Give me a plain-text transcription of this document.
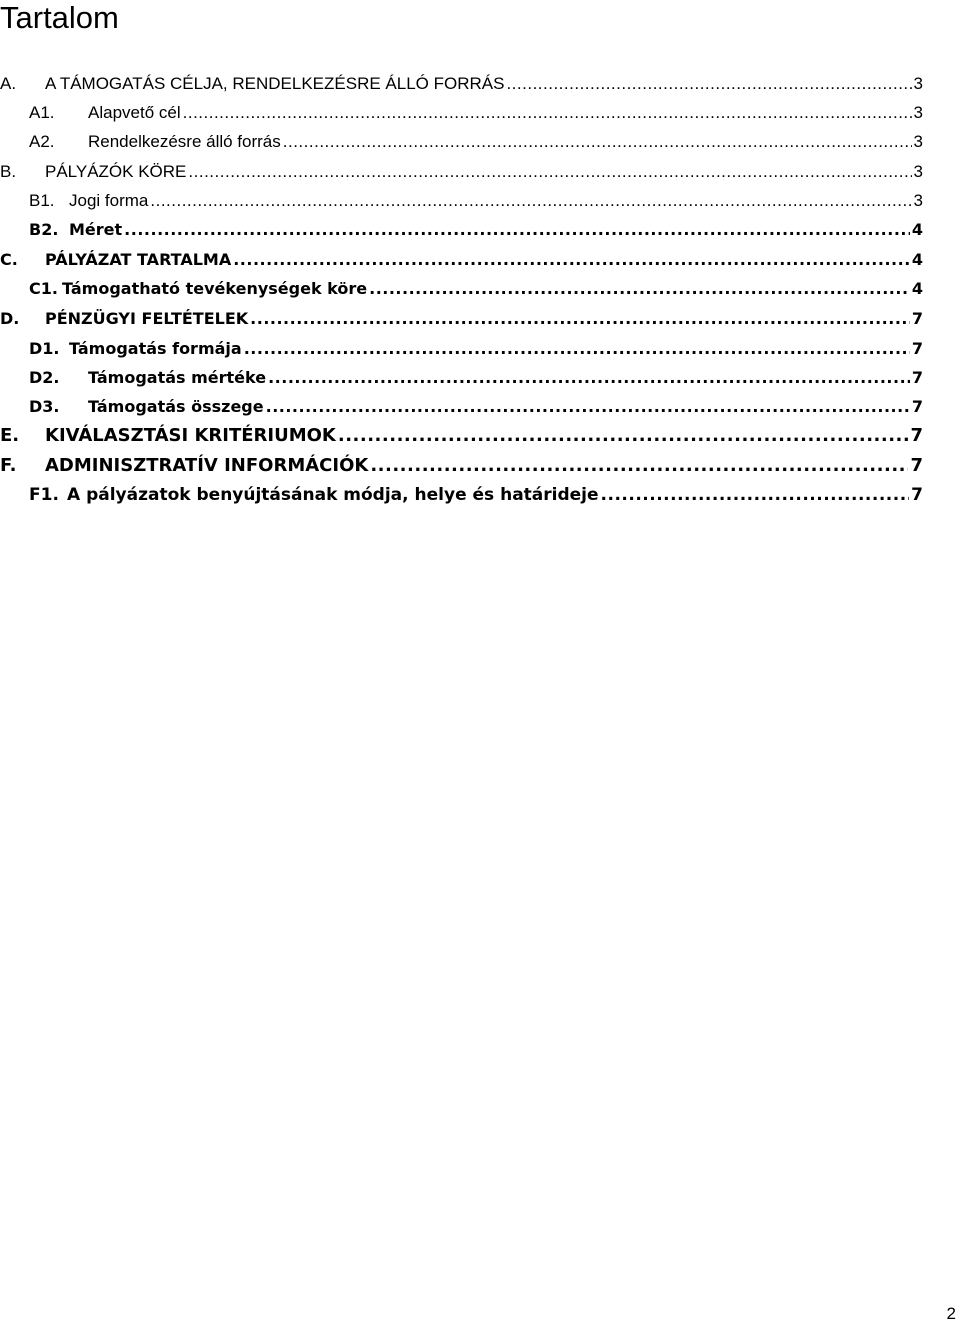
Tartalom
A.	A TÁMOGATÁS CÉLJA, RENDELKEZÉSRE ÁLLÓ FORRÁS .....	3
A1.	Alapvető cél .....	3
A2.	Rendelkezésre álló forrás .....	3
B.	PÁLYÁZÓK KÖRE .....	3
B1. Jogi forma .....	3
B2. Méret .....	4
C.	PÁLYÁZAT TARTALMA .....	4
C1. Támogatható tevékenységek köre .....	4
D.	PÉNZÜGYI FELTÉTELEK .....	7
D1. Támogatás formája .....	7
D2.	Támogatás mértéke .....	7
D3.	Támogatás összege .....	7
E.	KIVÁLASZTÁSI KRITÉRIUMOK .....	7
F.	ADMINISZTRATÍV INFORMÁCIÓK .....	7
F1. A pályázatok benyújtásának módja, helye és határideje .....	7
2
